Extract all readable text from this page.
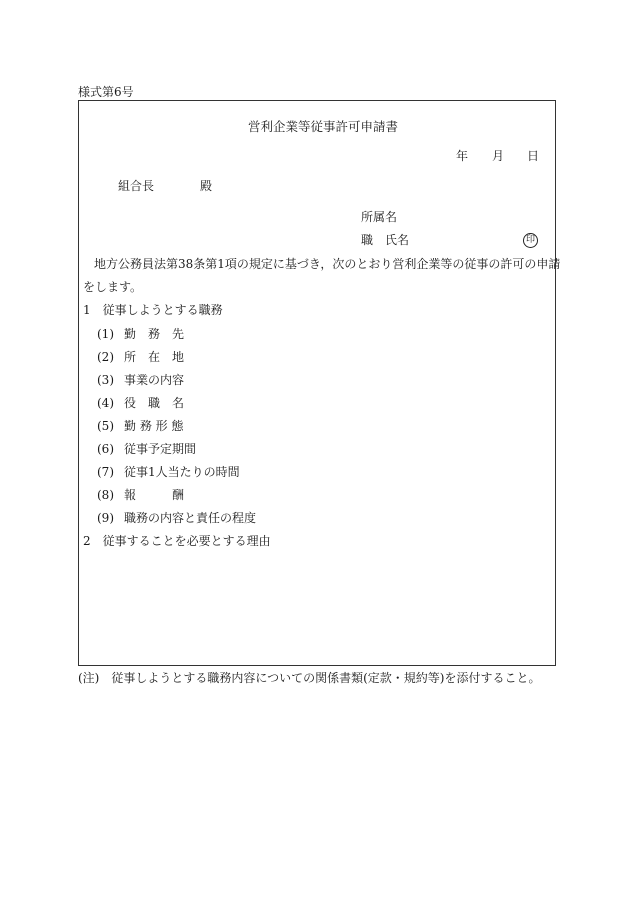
様式第6号
営利企業等従事許可申請書
年 月 日
組合長	殿
所属名
職　氏名	印
地方公務員法第38条第1項の規定に基づき，次のとおり営利企業等の従事の許可の申請
をします。
1　従事しようとする職務
(1) 勤　務　先
(2) 所　在　地
(3) 事業の内容
(4) 役　職　名
(5) 勤 務 形 態
(6) 従事予定期間
(7) 従事1人当たりの時間
(8) 報　　　酬
(9) 職務の内容と責任の程度
2　従事することを必要とする理由
(注)　従事しようとする職務内容についての関係書類(定款・規約等)を添付すること。
